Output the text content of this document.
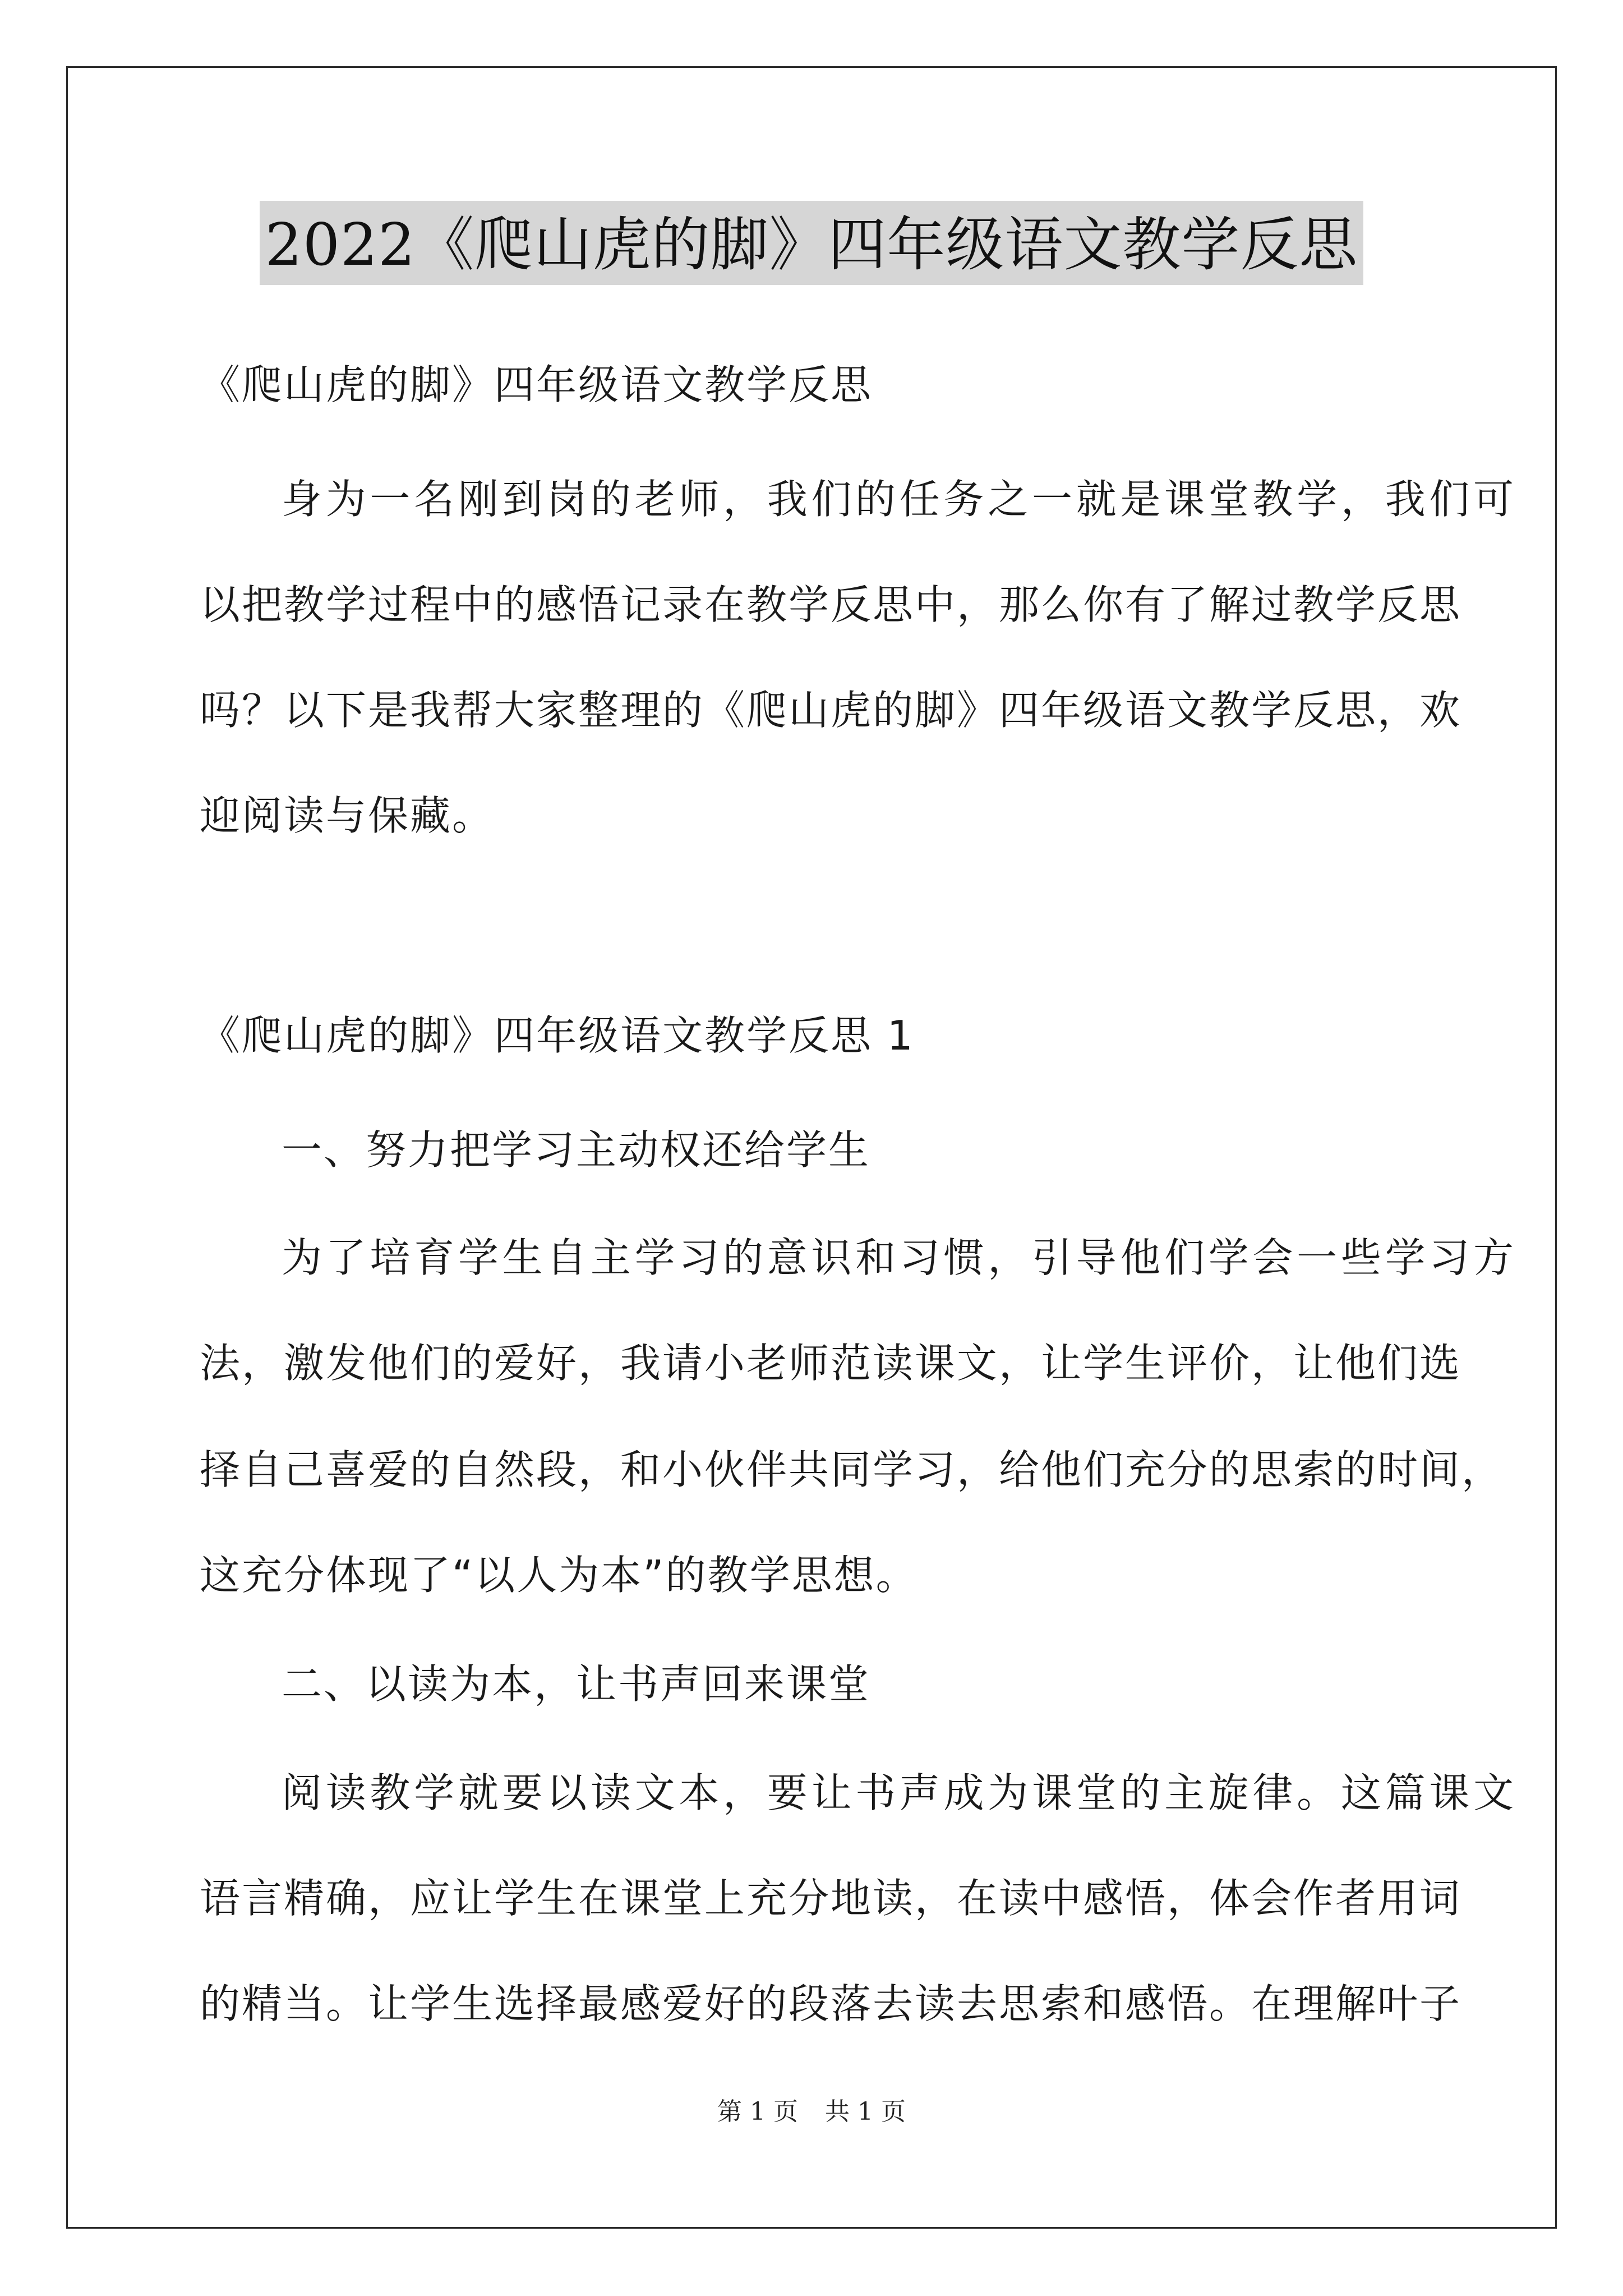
2022《爬山虎的脚》四年级语文教学反思
《爬山虎的脚》四年级语文教学反思
身为一名刚到岗的老师，我们的任务之一就是课堂教学，我们可
以把教学过程中的感悟记录在教学反思中，那么你有了解过教学反思
吗？以下是我帮大家整理的《爬山虎的脚》四年级语文教学反思，欢
迎阅读与保藏。
《爬山虎的脚》四年级语文教学反思 1
一、努力把学习主动权还给学生
为了培育学生自主学习的意识和习惯，引导他们学会一些学习方
法，激发他们的爱好，我请小老师范读课文，让学生评价，让他们选
择自己喜爱的自然段，和小伙伴共同学习，给他们充分的思索的时间，
这充分体现了“以人为本”的教学思想。
二、以读为本，让书声回来课堂
阅读教学就要以读文本，要让书声成为课堂的主旋律。这篇课文
语言精确，应让学生在课堂上充分地读，在读中感悟，体会作者用词
的精当。让学生选择最感爱好的段落去读去思索和感悟。在理解叶子
第 1 页 共 1 页
